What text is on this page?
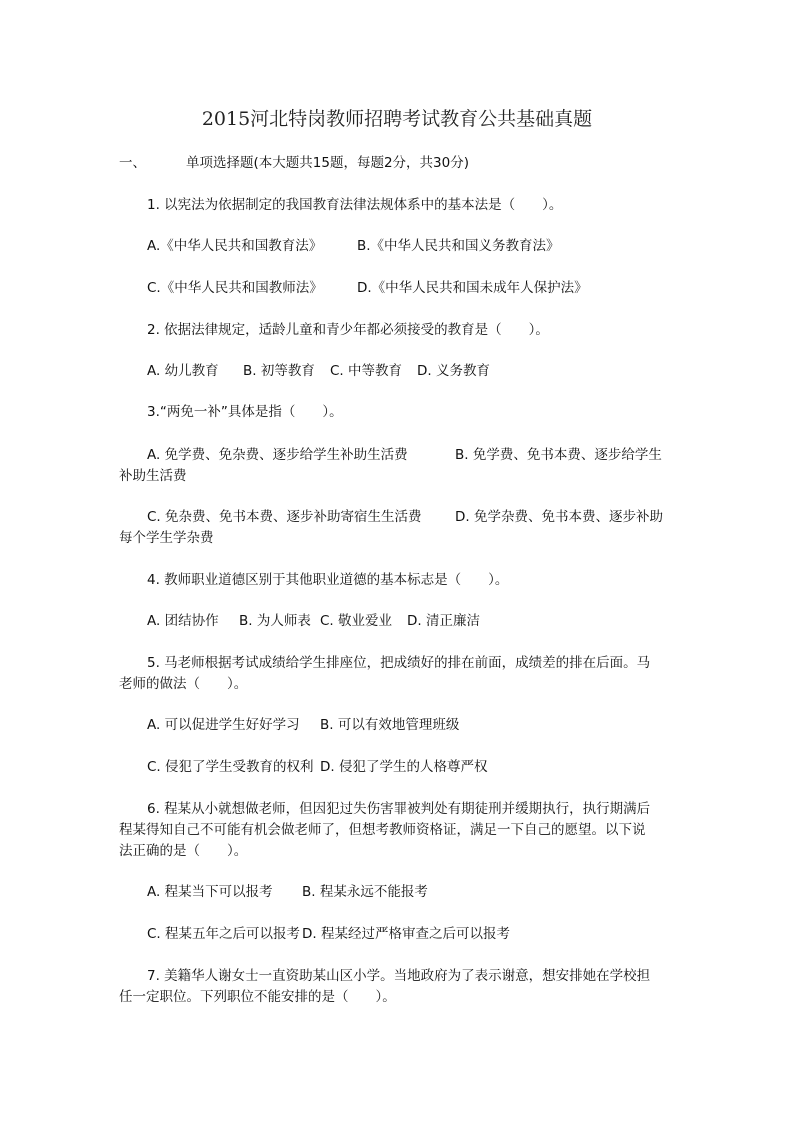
2015河北特岗教师招聘考试教育公共基础真题
一、	单项选择题(本大题共15题，每题2分，共30分)
1. 以宪法为依据制定的我国教育法律法规体系中的基本法是（　　）。
A.《中华人民共和国教育法》	B.《中华人民共和国义务教育法》
C.《中华人民共和国教师法》	D.《中华人民共和国未成年人保护法》
2. 依据法律规定，适龄儿童和青少年都必须接受的教育是（　　）。
A. 幼儿教育 B. 初等教育 C. 中等教育 D. 义务教育
3.“两免一补”具体是指（　　）。
A. 免学费、免杂费、逐步给学生补助生活费	B. 免学费、免书本费、逐步给学生
补助生活费
C. 免杂费、免书本费、逐步补助寄宿生生活费 D. 免学杂费、免书本费、逐步补助
每个学生学杂费
4. 教师职业道德区别于其他职业道德的基本标志是（　　）。
A. 团结协作 B. 为人师表 C. 敬业爱业 D. 清正廉洁
5. 马老师根据考试成绩给学生排座位，把成绩好的排在前面，成绩差的排在后面。马
老师的做法（　　）。
A. 可以促进学生好好学习 B. 可以有效地管理班级
C. 侵犯了学生受教育的权利 D. 侵犯了学生的人格尊严权
6. 程某从小就想做老师，但因犯过失伤害罪被判处有期徒刑并缓期执行，执行期满后
程某得知自己不可能有机会做老师了，但想考教师资格证，满足一下自己的愿望。以下说
法正确的是（　　）。
A. 程某当下可以报考 B. 程某永远不能报考
C. 程某五年之后可以报考 D. 程某经过严格审查之后可以报考
7. 美籍华人谢女士一直资助某山区小学。当地政府为了表示谢意，想安排她在学校担
任一定职位。下列职位不能安排的是（　　）。
